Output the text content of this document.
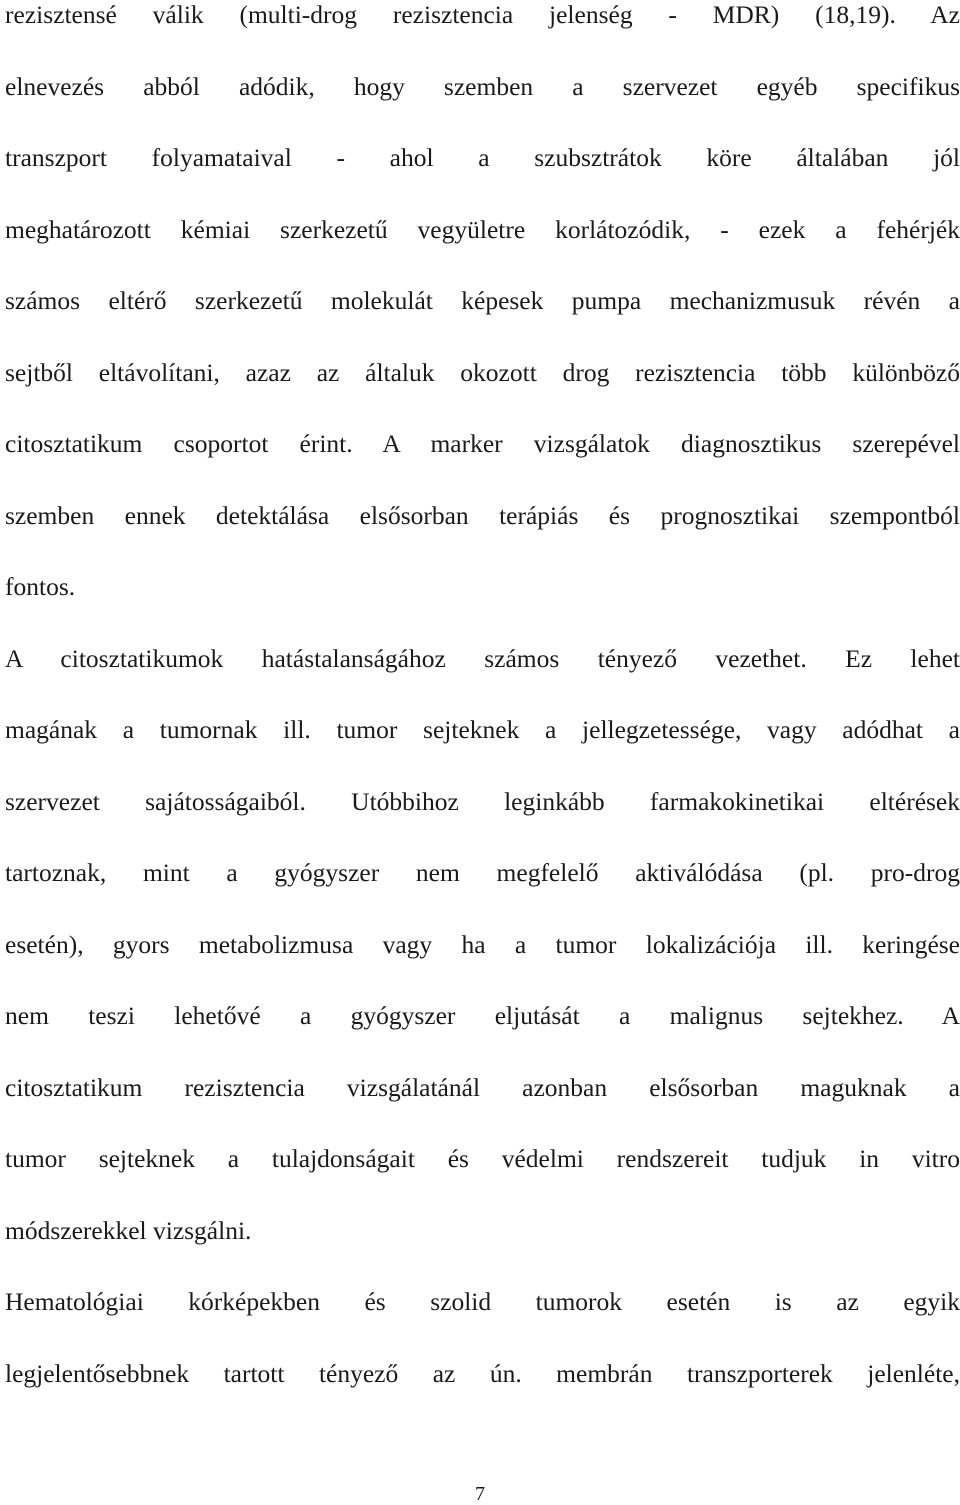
rezisztensé válik (multi-drog rezisztencia jelenség - MDR) (18,19). Az
elnevezés abból adódik, hogy szemben a szervezet egyéb specifikus
transzport folyamataival - ahol a szubsztrátok köre általában jól
meghatározott kémiai szerkezetű vegyületre korlátozódik, - ezek a fehérjék
számos eltérő szerkezetű molekulát képesek pumpa mechanizmusuk révén a
sejtből eltávolítani, azaz az általuk okozott drog rezisztencia több különböző
citosztatikum csoportot érint. A marker vizsgálatok diagnosztikus szerepével
szemben ennek detektálása elsősorban terápiás és prognosztikai szempontból
fontos.
A citosztatikumok hatástalanságához számos tényező vezethet. Ez lehet
magának a tumornak ill. tumor sejteknek a jellegzetessége, vagy adódhat a
szervezet sajátosságaiból. Utóbbihoz leginkább farmakokinetikai eltérések
tartoznak, mint a gyógyszer nem megfelelő aktiválódása (pl. pro-drog
esetén), gyors metabolizmusa vagy ha a tumor lokalizációja ill. keringése
nem teszi lehetővé a gyógyszer eljutását a malignus sejtekhez. A
citosztatikum rezisztencia vizsgálatánál azonban elsősorban maguknak a
tumor sejteknek a tulajdonságait és védelmi rendszereit tudjuk in vitro
módszerekkel vizsgálni.
Hematológiai kórképekben és szolid tumorok esetén is az egyik
legjelentősebbnek tartott tényező az ún. membrán transzporterek jelenléte,
7
